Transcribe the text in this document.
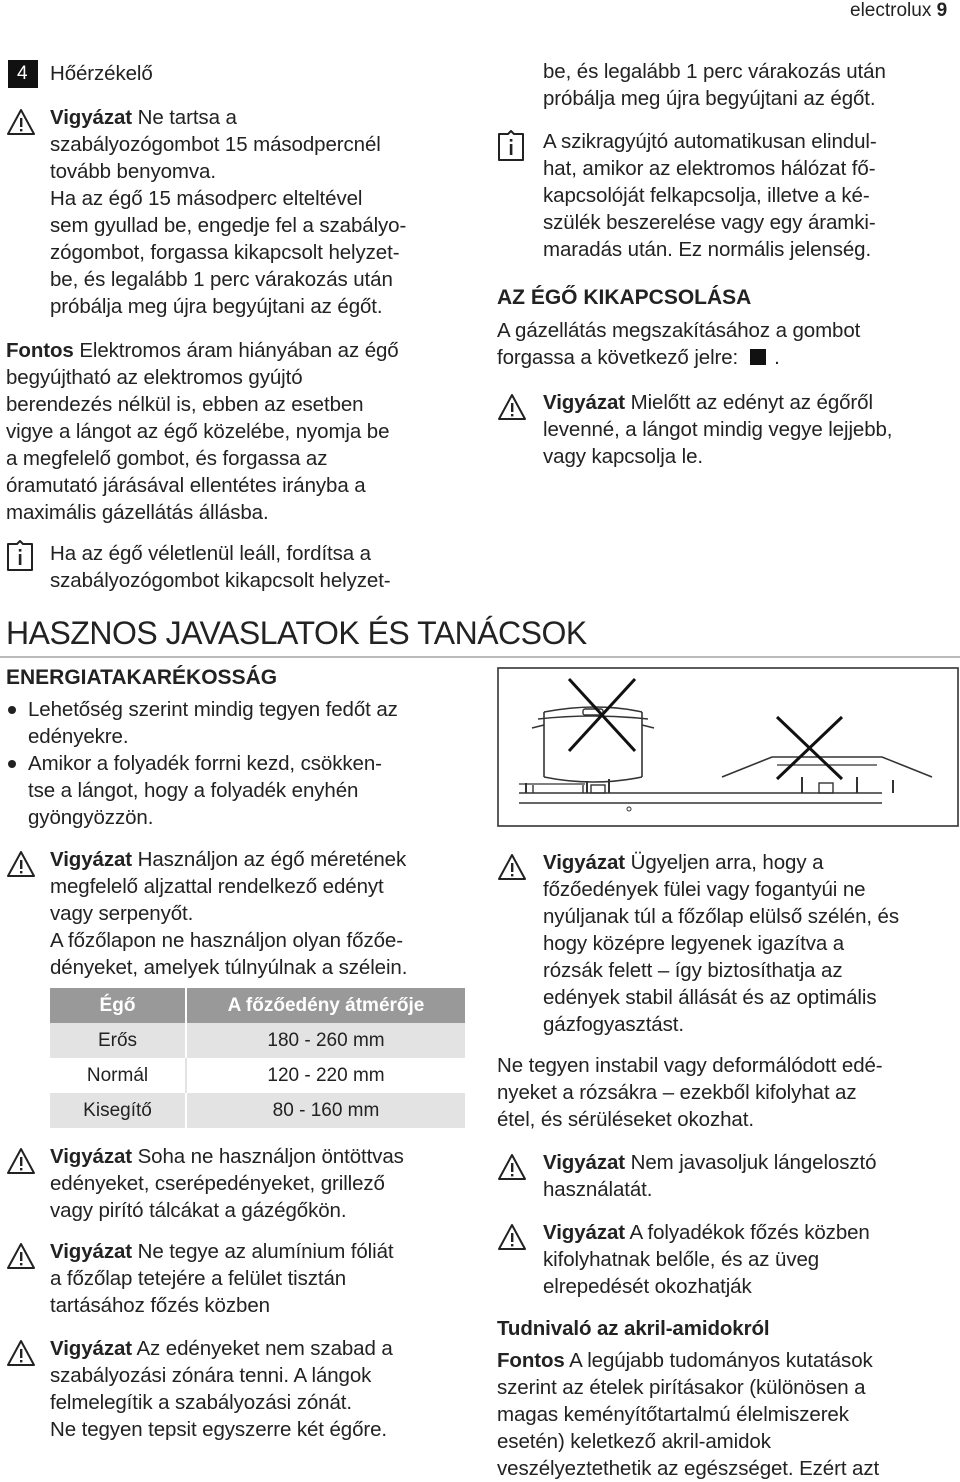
electrolux 9
4 Hőérzékelő
Vigyázat Ne tartsa a
szabályozógombot 15 másodpercnél
tovább benyomva.
Ha az égő 15 másodperc elteltével
sem gyullad be, engedje fel a szabályo-
zógombot, forgassa kikapcsolt helyzet-
be, és legalább 1 perc várakozás után
próbálja meg újra begyújtani az égőt.
Fontos Elektromos áram hiányában az égő
begyújtható az elektromos gyújtó
berendezés nélkül is, ebben az esetben
vigye a lángot az égő közelébe, nyomja be
a megfelelő gombot, és forgassa az
óramutató járásával ellentétes irányba a
maximális gázellátás állásba.
Ha az égő véletlenül leáll, fordítsa a
szabályozógombot kikapcsolt helyzet-
be, és legalább 1 perc várakozás után
próbálja meg újra begyújtani az égőt.
A szikragyújtó automatikusan elindul-
hat, amikor az elektromos hálózat fő-
kapcsolóját felkapcsolja, illetve a ké-
szülék beszerelése vagy egy áramki-
maradás után. Ez normális jelenség.
AZ ÉGŐ KIKAPCSOLÁSA
A gázellátás megszakításához a gombot
forgassa a következő jelre: .
Vigyázat Mielőtt az edényt az égőről
levenné, a lángot mindig vegye lejjebb,
vagy kapcsolja le.
HASZNOS JAVASLATOK ÉS TANÁCSOK
ENERGIATAKARÉKOSSÁG
Lehetőség szerint mindig tegyen fedőt az
edényekre.
Amikor a folyadék forrni kezd, csökken-
tse a lángot, hogy a folyadék enyhén
gyöngyözzön.
Vigyázat Használjon az égő méretének
megfelelő aljzattal rendelkező edényt
vagy serpenyőt.
A főzőlapon ne használjon olyan főzőe-
dényeket, amelyek túlnyúlnak a szélein.
Égő	A főzőedény átmérője
Erős	180 - 260 mm
Normál	120 - 220 mm
Kisegítő	80 - 160 mm
Vigyázat Soha ne használjon öntöttvas
edényeket, cserépedényeket, grillező
vagy pirító tálcákat a gázégőkön.
Vigyázat Ne tegye az alumínium fóliát
a főzőlap tetejére a felület tisztán
tartásához főzés közben
Vigyázat Az edényeket nem szabad a
szabályozási zónára tenni. A lángok
felmelegítik a szabályozási zónát.
Ne tegyen tepsit egyszerre két égőre.
Vigyázat Ügyeljen arra, hogy a
főzőedények fülei vagy fogantyúi ne
nyúljanak túl a főzőlap elülső szélén, és
hogy középre legyenek igazítva a
rózsák felett – így biztosíthatja az
edények stabil állását és az optimális
gázfogyasztást.
Ne tegyen instabil vagy deformálódott edé-
nyeket a rózsákra – ezekből kifolyhat az
étel, és sérüléseket okozhat.
Vigyázat Nem javasoljuk lángelosztó
használatát.
Vigyázat A folyadékok főzés közben
kifolyhatnak belőle, és az üveg
elrepedését okozhatják
Tudnivaló az akril-amidokról
Fontos A legújabb tudományos kutatások
szerint az ételek pirításakor (különösen a
magas keményítőtartalmú élelmiszerek
esetén) keletkező akril-amidok
veszélyeztethetik az egészséget. Ezért azt
